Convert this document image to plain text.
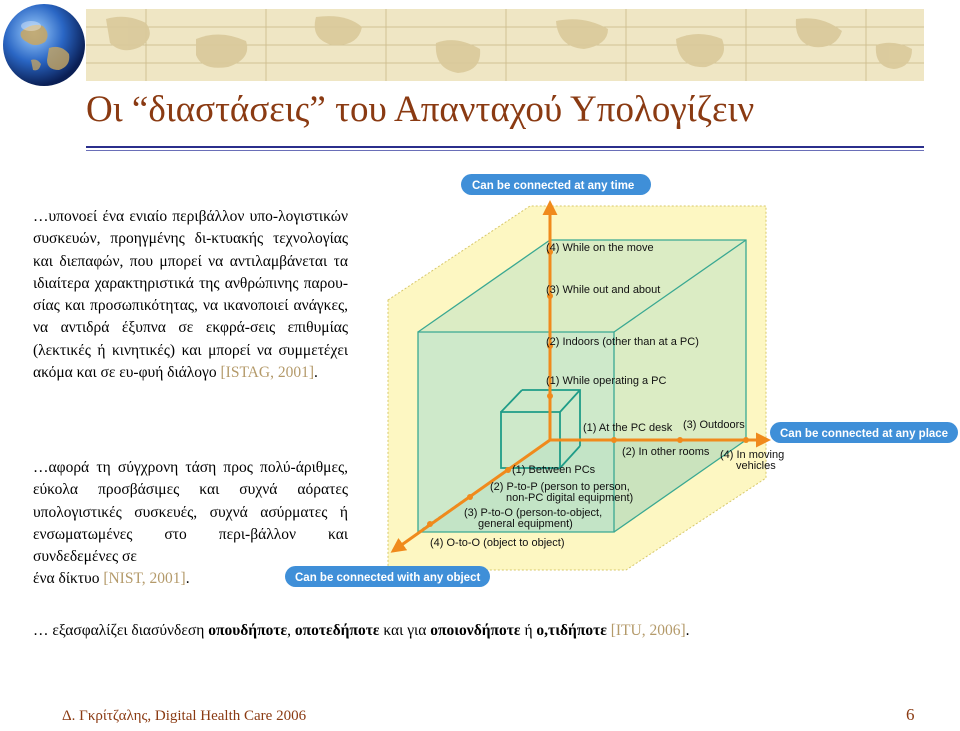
Οι “διαστάσεις” του Απανταχού Υπολογίζειν
…υπονοεί ένα ενιαίο περιβάλλον υπο-λογιστικών συσκευών, προηγμένης δι-κτυακής τεχνολογίας και διεπαφών, που μπορεί να αντιλαμβάνεται τα ιδιαίτερα χαρακτηριστικά της ανθρώπινης παρου-σίας και προσωπικότητας, να ικανοποιεί ανάγκες, να αντιδρά έξυπνα σε εκφρά-σεις επιθυμίας (λεκτικές ή κινητικές) και μπορεί να συμμετέχει ακόμα και σε ευ-φυή διάλογο [ISTAG, 2001].
…αφορά τη σύγχρονη τάση προς πολύ-άριθμες, εύκολα προσβάσιμες και συχνά αόρατες υπολογιστικές συσκευές, συχνά ασύρματες ή ενσωματωμένες στο περι-βάλλον και συνδεδεμένες σε
ένα δίκτυο [NIST, 2001].
(4) While on the move
(3) While out and about
(2) Indoors (other than at a PC)
(1) While operating a PC
(1) At the PC desk
(2) In other rooms
(3) Outdoors
(4) In moving
vehicles
(1) Between PCs
(2) P-to-P (person to person,
non-PC digital equipment)
(3) P-to-O (person-to-object,
general equipment)
(4) O-to-O (object to object)
Can be connected at any time
Can be connected at any place
Can be connected with any object
… εξασφαλίζει διασύνδεση οπουδήποτε, οποτεδήποτε και για οποιονδήποτε ή ο,τιδήποτε [ITU, 2006].
Δ. Γκρίτζαλης, Digital Health Care 2006	6
